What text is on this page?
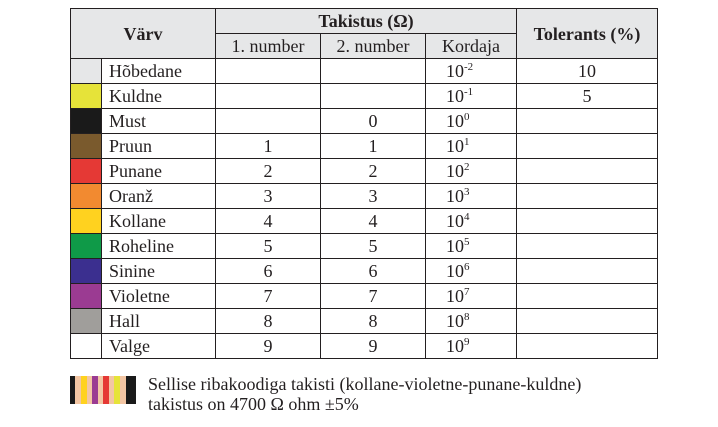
Värv		Takistus (Ω)			Tolerants (%)
		1. number	2. number	Kordaja	
	Hõbedane			$10^{-2}$	10
	Kuldne			$10^{-1}$	5
	Must		0	$10^0$	
	Pruun	1	1	$10^1$	
	Punane	2	2	$10^2$	
	Oranž	3	3	$10^3$	
	Kollane	4	4	$10^4$	
	Roheline	5	5	$10^5$	
	Sinine	6	6	$10^6$	
	Violetne	7	7	$10^7$	
	Hall	8	8	$10^8$	
	Valge	9	9	$10^9$	
Sellise ribakoodiga takisti (kollane-violetne-punane-kuldne)
takistus on 4700 Ω ohm ±5%
